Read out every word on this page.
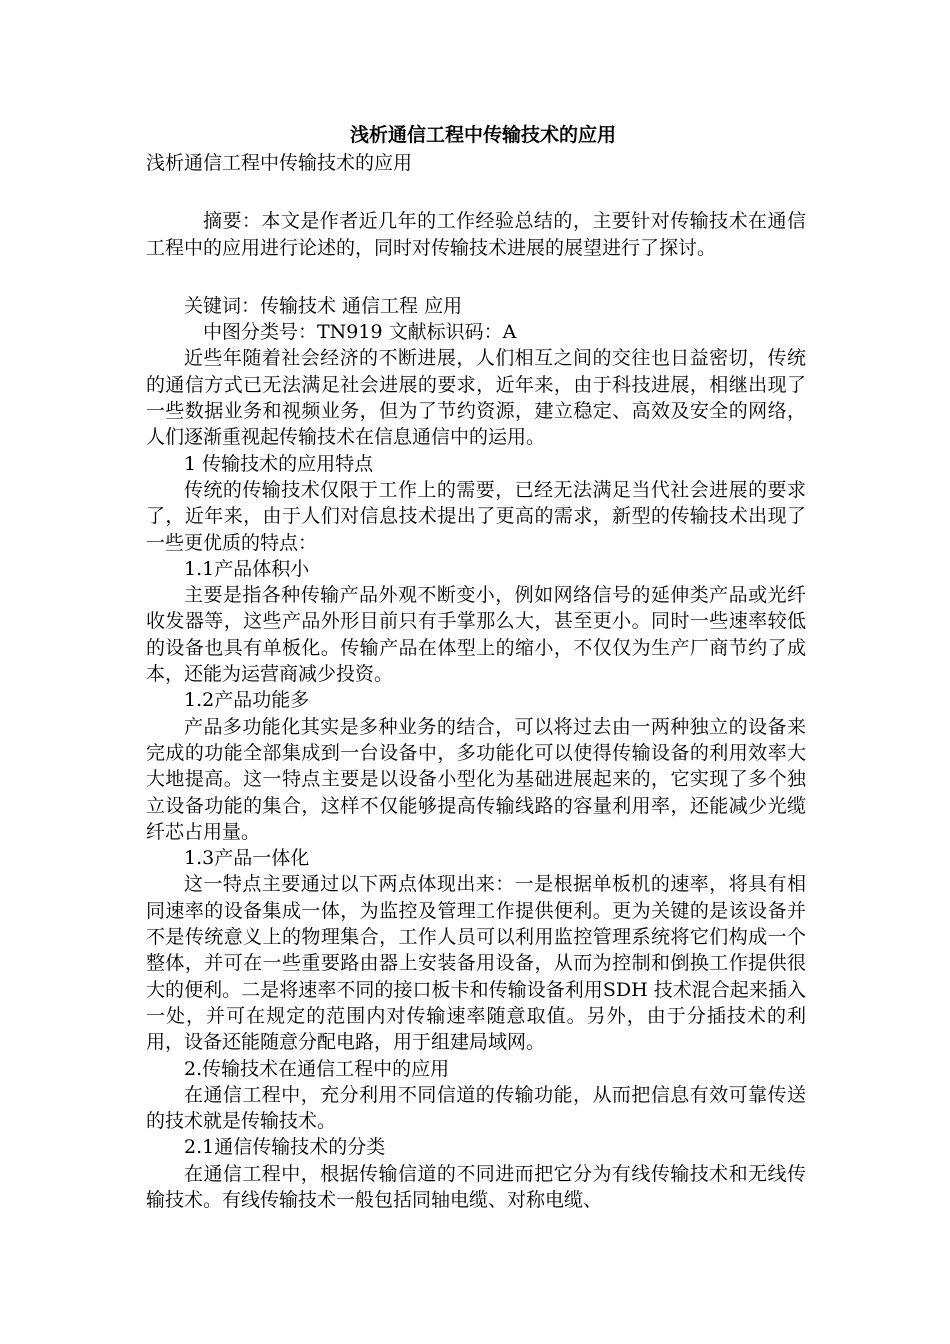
浅析通信工程中传输技术的应用

浅析通信工程中传输技术的应用

摘要：本文是作者近几年的工作经验总结的，主要针对传输技术在通信工程中的应用进行论述的，同时对传输技术进展的展望进行了探讨。

关键词：传输技术 通信工程 应用

中图分类号：TN919 文献标识码：A

近些年随着社会经济的不断进展，人们相互之间的交往也日益密切，传统的通信方式已无法满足社会进展的要求，近年来，由于科技进展，相继出现了一些数据业务和视频业务，但为了节约资源，建立稳定、高效及安全的网络，人们逐渐重视起传输技术在信息通信中的运用。

1 传输技术的应用特点

传统的传输技术仅限于工作上的需要，已经无法满足当代社会进展的要求了，近年来，由于人们对信息技术提出了更高的需求，新型的传输技术出现了一些更优质的特点：

1.1产品体积小

主要是指各种传输产品外观不断变小，例如网络信号的延伸类产品或光纤收发器等，这些产品外形目前只有手掌那么大，甚至更小。同时一些速率较低的设备也具有单板化。传输产品在体型上的缩小，不仅仅为生产厂商节约了成本，还能为运营商减少投资。

1.2产品功能多

产品多功能化其实是多种业务的结合，可以将过去由一两种独立的设备来完成的功能全部集成到一台设备中，多功能化可以使得传输设备的利用效率大大地提高。这一特点主要是以设备小型化为基础进展起来的，它实现了多个独立设备功能的集合，这样不仅能够提高传输线路的容量利用率，还能减少光缆纤芯占用量。

1.3产品一体化

这一特点主要通过以下两点体现出来：一是根据单板机的速率，将具有相同速率的设备集成一体，为监控及管理工作提供便利。更为关键的是该设备并不是传统意义上的物理集合，工作人员可以利用监控管理系统将它们构成一个整体，并可在一些重要路由器上安装备用设备，从而为控制和倒换工作提供很大的便利。二是将速率不同的接口板卡和传输设备利用SDH 技术混合起来插入一处，并可在规定的范围内对传输速率随意取值。另外，由于分插技术的利用，设备还能随意分配电路，用于组建局域网。

2.传输技术在通信工程中的应用

在通信工程中，充分利用不同信道的传输功能，从而把信息有效可靠传送的技术就是传输技术。

2.1通信传输技术的分类

在通信工程中，根据传输信道的不同进而把它分为有线传输技术和无线传输技术。有线传输技术一般包括同轴电缆、对称电缆、
